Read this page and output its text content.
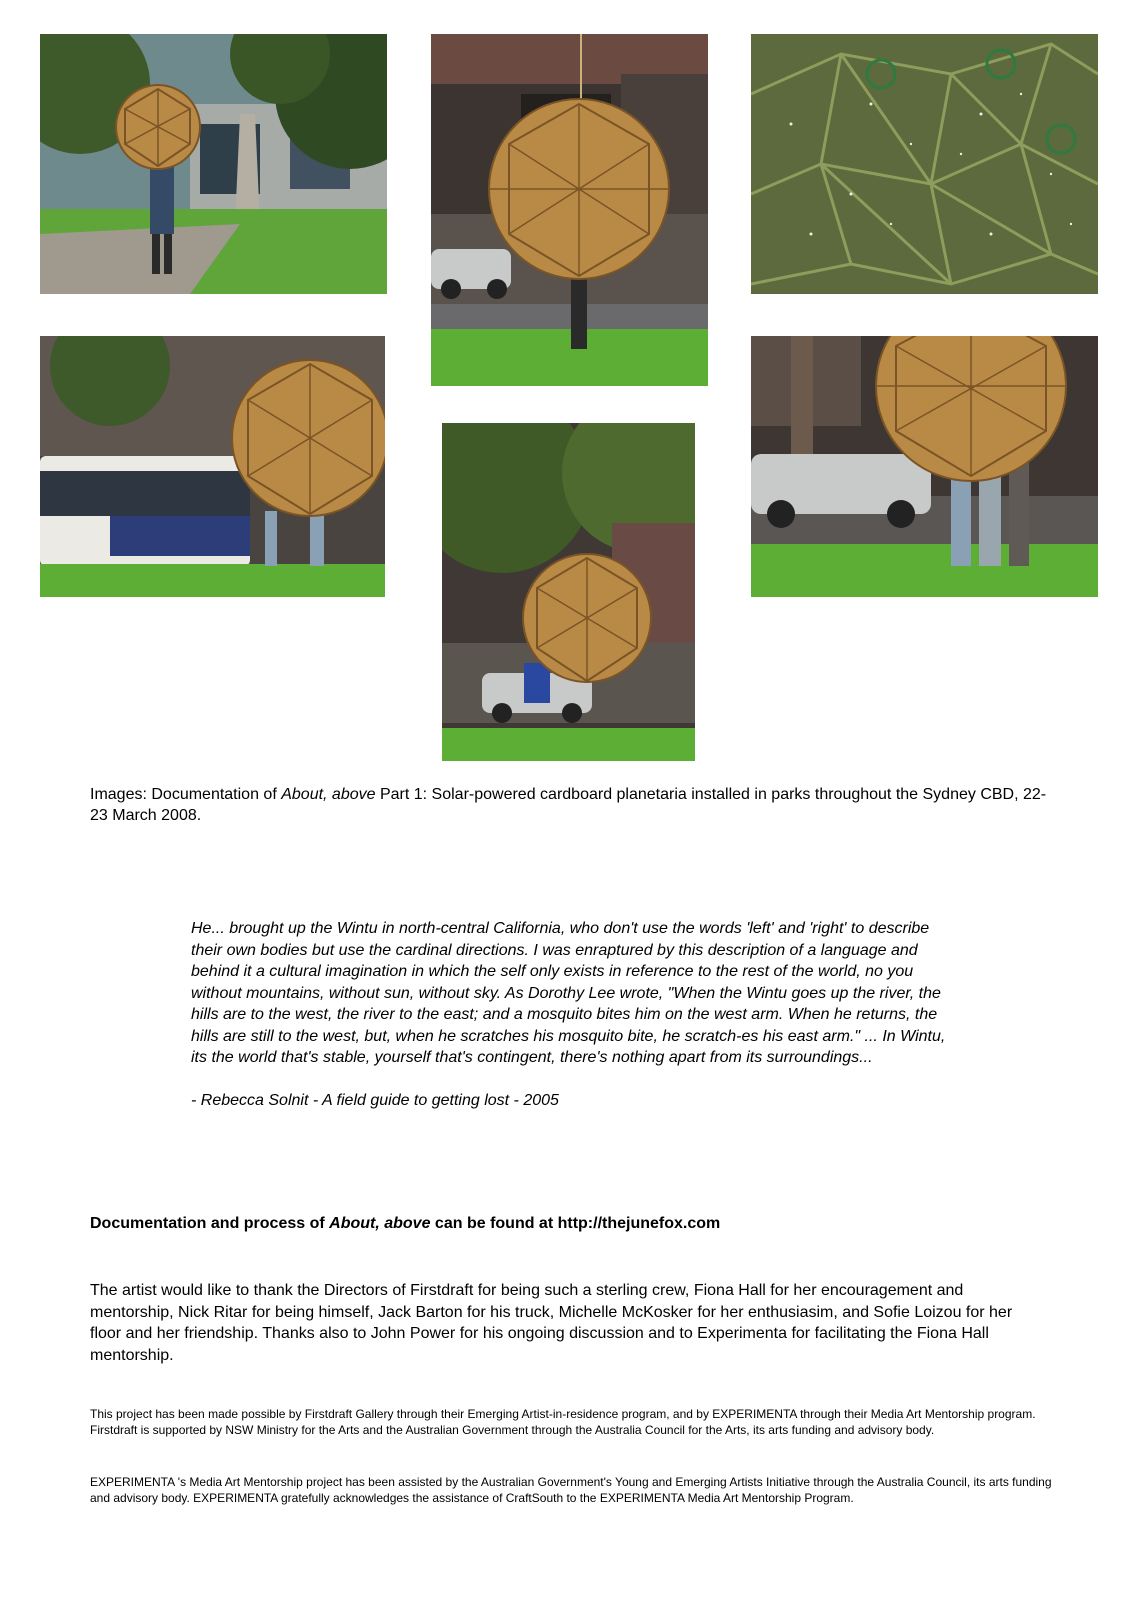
Images: Documentation of About, above Part 1: Solar-powered cardboard planetaria installed in parks throughout the Sydney CBD, 22-23 March 2008.
He... brought up the Wintu in north-central California, who don't use the words 'left' and 'right' to describe their own bodies but use the cardinal directions. I was enraptured by this description of a language and behind it a cultural imagination in which the self only exists in reference to the rest of the world, no you without mountains, without sun, without sky. As Dorothy Lee wrote, "When the Wintu goes up the river, the hills are to the west, the river to the east; and a mosquito bites him on the west arm. When he returns, the hills are still to the west, but, when he scratches his mosquito bite, he scratch-es his east arm." ... In Wintu, its the world that's stable, yourself that's contingent, there's nothing apart from its surroundings...
- Rebecca Solnit - A field guide to getting lost - 2005
Documentation and process of About, above can be found at http://thejunefox.com
The artist would like to thank the Directors of Firstdraft for being such a sterling crew, Fiona Hall for her encouragement and mentorship, Nick Ritar for being himself, Jack Barton for his truck, Michelle McKosker for her enthusiasim, and Sofie Loizou for her floor and her friendship. Thanks also to John Power for his ongoing discussion and to Experimenta for facilitating the Fiona Hall mentorship.
This project has been made possible by Firstdraft Gallery through their Emerging Artist-in-residence program, and by EXPERIMENTA through their Media Art Mentorship program. Firstdraft is supported by NSW Ministry for the Arts and the Australian Government through the Australia Council for the Arts, its arts funding and advisory body.
EXPERIMENTA 's Media Art Mentorship project has been assisted by the Australian Government's Young and Emerging Artists Initiative through the Australia Council, its arts funding and advisory body. EXPERIMENTA gratefully acknowledges the assistance of CraftSouth to the EXPERIMENTA Media Art Mentorship Program.
